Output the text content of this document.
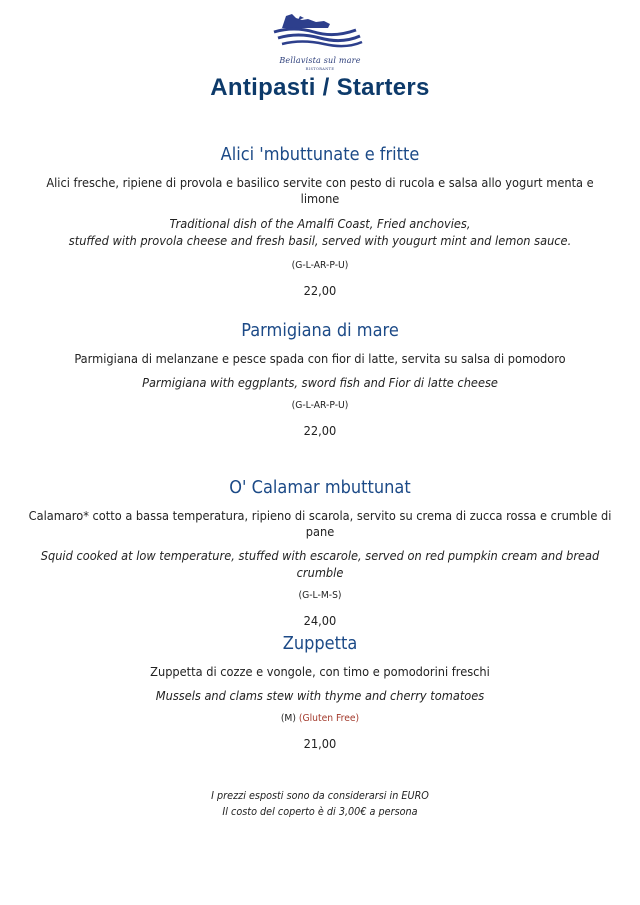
Bellavista sul mare
RISTORANTE
Antipasti / Starters
Alici 'mbuttunate e fritte
Alici fresche, ripiene di provola e basilico servite con pesto di rucola e salsa allo yogurt menta e limone
Traditional dish of the Amalfi Coast, Fried anchovies,
stuffed with provola cheese and fresh basil, served with yougurt mint and lemon sauce.
(G-L-AR-P-U)
22,00
Parmigiana di mare
Parmigiana di melanzane e pesce spada con fior di latte, servita su salsa di pomodoro
Parmigiana with eggplants, sword fish and Fior di latte cheese
(G-L-AR-P-U)
22,00
O' Calamar mbuttunat
Calamaro* cotto a bassa temperatura, ripieno di scarola, servito su crema di zucca rossa e crumble di pane
Squid cooked at low temperature, stuffed with escarole, served on red pumpkin cream and bread crumble
(G-L-M-S)
24,00
Zuppetta
Zuppetta di cozze e vongole, con timo e pomodorini freschi
Mussels and clams stew with thyme and cherry tomatoes
(M) (Gluten Free)
21,00
I prezzi esposti sono da considerarsi in EURO
Il costo del coperto è di 3,00€ a persona
